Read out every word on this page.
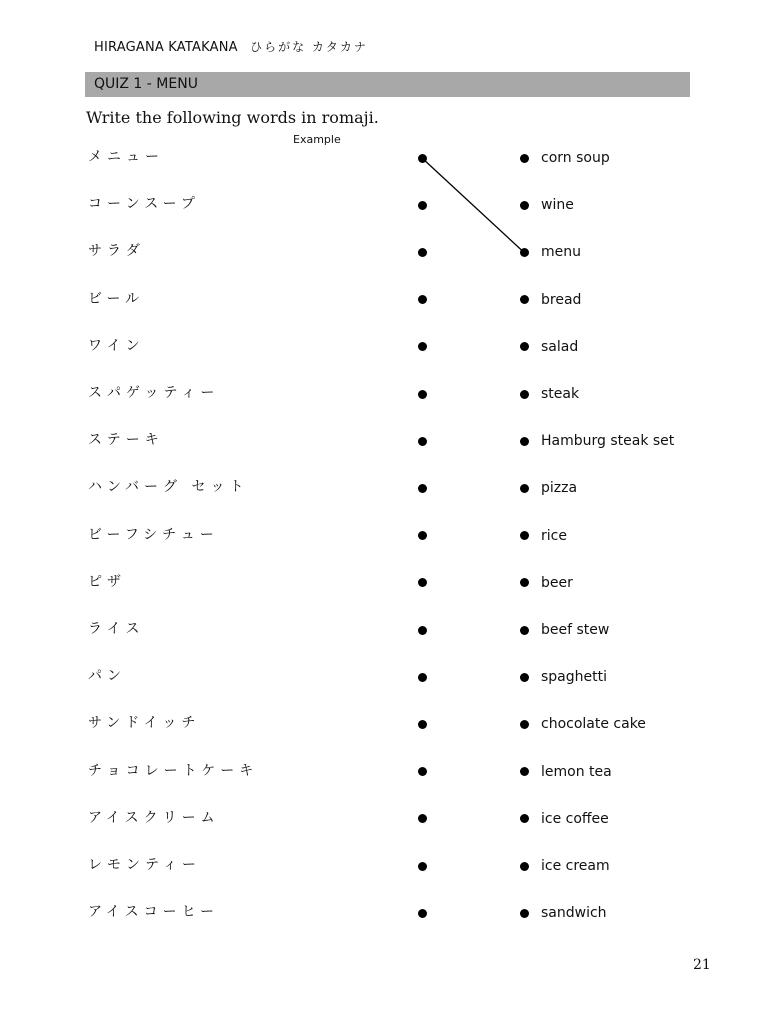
HIRAGANA KATAKANA ひらがな カタカナ
QUIZ 1 - MENU
Write the following words in romaji.
Example
メニュー
コーンスープ
サラダ
ビール
ワイン
スパゲッティー
ステーキ
ハンバーグ セット
ビーフシチュー
ピザ
ライス
パン
サンドイッチ
チョコレートケーキ
アイスクリーム
レモンティー
アイスコーヒー
corn soup
wine
menu
bread
salad
steak
Hamburg steak set
pizza
rice
beer
beef stew
spaghetti
chocolate cake
lemon tea
ice coffee
ice cream
sandwich
21
